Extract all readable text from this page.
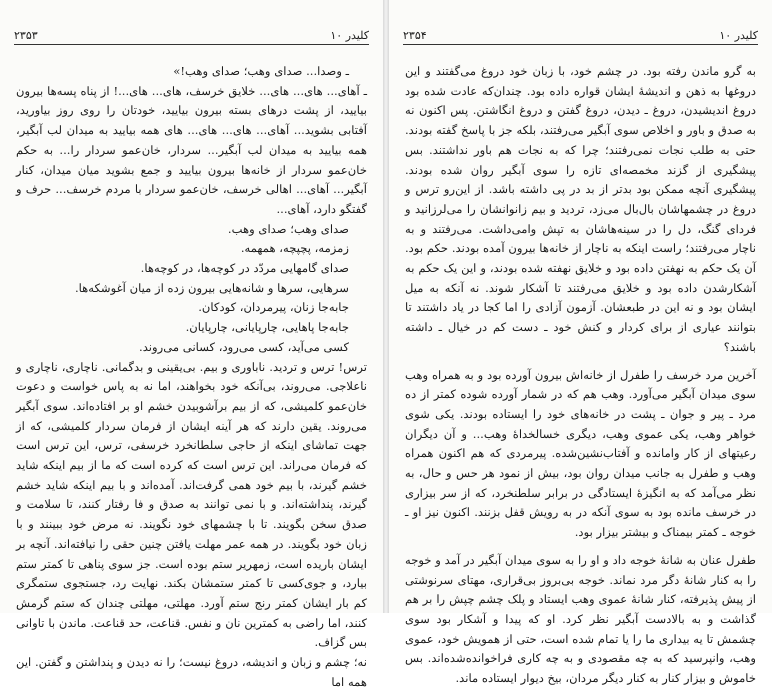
۲۳۵۳	کلیدر ۱۰

ـ وصدا... صدای وهب؛ صدای وهب!»

ـ آهای... های... های... خلایق خرسف، های... های...! از پناه پسه‌ها بیرون بیایید، از پشت درهای بسته بیرون بیایید، خودتان را روی روز بیاورید، آفتابی بشوید... آهای... های... های... های همه بیایید به میدان لب آبگیر، همه بیایید به میدان لب آبگیر... سردار، خان‌عمو سردار را... به حکم خان‌عمو سردار از خانه‌ها بیرون بیایید و جمع بشوید میان میدان، کنار آبگیر... آهای... اهالی خرسف، خان‌عمو سردار با مردم خرسف... حرف و گفتگو دارد، آهای...

صدای وهب؛ صدای وهب.

زمزمه، پچپچه، همهمه.

صدای گامهایی مردّد در کوچه‌ها، در کوچه‌ها.

سرهایی، سرها و شانه‌هایی بیرون زده از میان آغوشکه‌ها.

جابه‌جا زنان، پیرمردان، کودکان.

جابه‌جا پاهایی، چارپایانی، چارپایان.

کسی می‌آید، کسی می‌رود، کسانی می‌روند.

ترس! ترس و تردید. ناباوری و بیم. بی‌یقینی و بدگمانی. ناچاری، ناچاری و ناعلاجی. می‌روند، بی‌آنکه خود بخواهند، اما نه به پاس خواست و دعوت خان‌عمو کلمیشی، که از بیم برآشوبیدن خشم او بر افتاده‌اند. سوی آبگیر می‌روند. یقین دارند که هر آینه ایشان از فرمان سردار کلمیشی، که از جهت تماشای اینکه از حاجی سلطانخرد خرسفی، ترس، این ترس است که فرمان می‌راند. این ترس است که کرده است که ما از بیم اینکه شاید خشم گیرند، با بیم خود همی گرفت‌اند. آمده‌اند و با بیم اینکه شاید خشم گیرند، پنداشته‌اند. و با نمی توانند به صدق و فا رفتار کنند، تا سلامت و صدق سخن بگویند. تا با چشمهای خود نگویند. نه مرض خود ببینند و با زبان خود بگویند. در همه عمر مهلت یافتن چنین حقی را نیافته‌اند. آنچه بر ایشان باریده است، زمهریر ستم بوده است. جز سوی پناهی تا کمتر ستم بیارد، و جوی‌کسی تا کمتر ستمشان بکند. نهایت رد، جستجوی ستمگری کم بار ایشان کمتر رنج ستم آورد. مهلتی، مهلتی چندان که ستم گرمش کنند، اما راضی به کمترین نان و نفس. قناعت، حد قناعت. ماندن با تاوانی بس گزاف.

نه؛ چشم و زبان و اندیشه، دروغ نیست؛ را نه دیدن و پنداشتن و گفتن. این همه اما

۲۳۵۴	کلیدر ۱۰

به گرو ماندن رفته بود. در چشم خود، با زبان خود دروغ می‌گفتند و این دروغها به ذهن و اندیشهٔ ایشان قواره داده بود. چندان‌که عادت شده بود دروغ اندیشیدن، دروغ ـ دیدن، دروغ گفتن و دروغ انگاشتن. پس اکنون نه به صدق و باور و اخلاص سوی آبگیر می‌رفتند، بلکه جز با پاسخ گفته بودند. حتی به طلب نجات نمی‌رفتند؛ چرا که به نجات هم باور نداشتند. بس پیشگیری از گزند مخمصه‌ای تازه را سوی آبگیر روان شده بودند. پیشگیری آنچه ممکن بود بدتر از بد در پی داشته باشد. از این‌رو ترس و دروغ در چشمهاشان بال‌بال می‌زد، تردید و بیم زانوانشان را می‌لرزانید و فردای گنگ، دل را در سینه‌هاشان به تپش وامی‌داشت. می‌رفتند و به ناچار می‌رفتند؛ راست اینکه به ناچار از خانه‌ها بیرون آمده بودند. حکم بود. آن یک حکم به نهفتن داده بود و خلایق نهفته شده بودند، و این یک حکم به آشکارشدن داده بود و خلایق می‌رفتند تا آشکار شوند. نه آنکه به میل ایشان بود و نه این در طبعشان. آزمون آزادی را اما کجا در یاد داشتند تا بتوانند عیاری از برای کردار و کنش خود ـ دست کم در خیال ـ داشته باشند؟

آخرین مرد خرسف را طفرل از خانه‌اش بیرون آورده بود و به همراه وهب سوی میدان آبگیر می‌آورد. وهب هم که در شمار آورده شوده کمتر از ده مرد ـ پیر و جوان ـ پشت در خانه‌های خود را ایستاده بودند. یکی شوی خواهر وهب، یکی عموی وهب، دیگری خسالخداهٔ وهب... و آن دیگران رعیتهای از کار وامانده و آفتاب‌نشین‌شده. پیرمردی که هم اکنون همراه وهب و طفرل به جانب میدان روان بود، بیش از نمود هر حس و حال، به نظر می‌آمد که به انگیزهٔ ایستادگی در برابر سلطنخرد، که از سر بیزاری در خرسف مانده بود به سوی آنکه در به رویش قفل بزنند. اکنون نیز او ـ خوجه ـ کمتر بیمناک و بیشتر بیزار بود.

طفرل عنان به شانهٔ خوجه داد و او را به سوی میدان آبگیر در آمد و خوجه را به کنار شانهٔ دگر مرد نماند. خوجه بی‌بروز بی‌قراری، مهتای سرنوشتی از پیش پذیرفته، کنار شانهٔ عموی وهب ایستاد و پلک چشم چپش را بر هم گذاشت و به بالادست آبگیر نظر کرد. او که پیدا و آشکار بود سوی چشمش تا یه بیداری ما را یا تمام شده است، حتی از همویش خود، عموی وهب، وانپرسید که به چه مقصودی و به چه کاری فراخوانده‌شده‌اند. بس خاموش و بیزار کنار به کنار دیگر مردان، بیخ دیوار ایستاده ماند.
